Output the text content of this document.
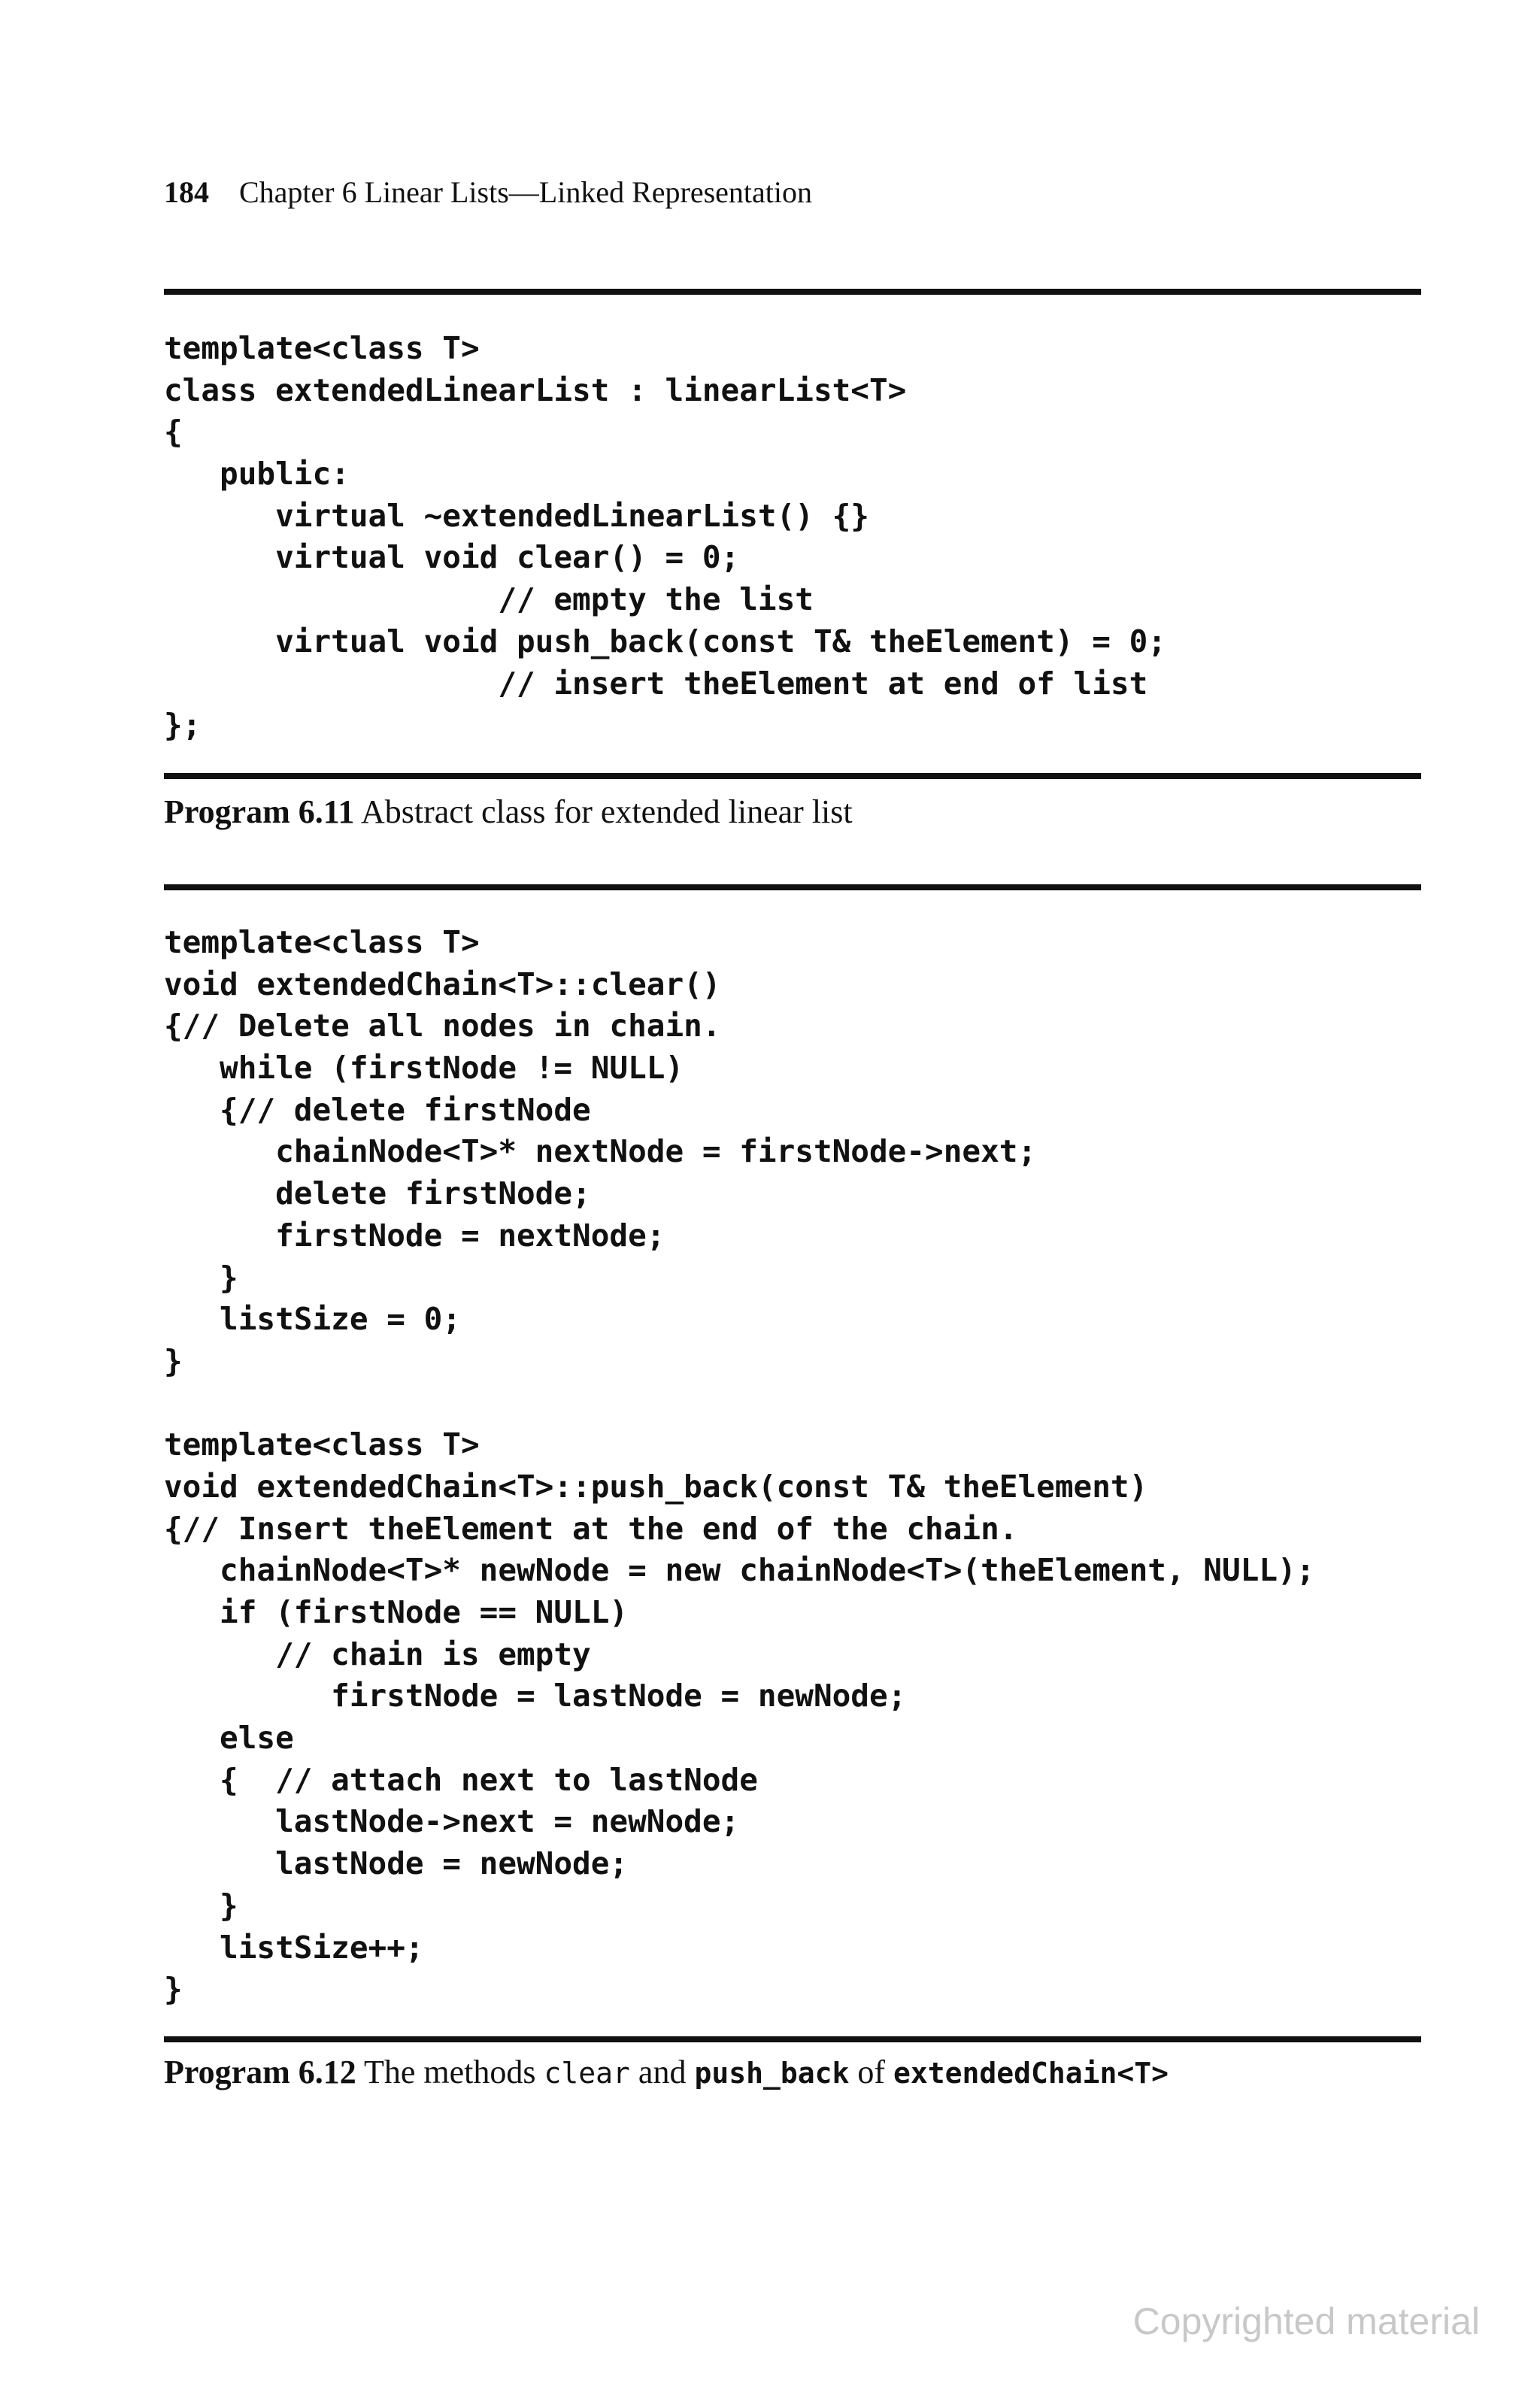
184 Chapter 6 Linear Lists—Linked Representation
template<class T>
class extendedLinearList : linearList<T>
{
public:
virtual ~extendedLinearList() {}
virtual void clear() = 0;
// empty the list
virtual void push_back(const T& theElement) = 0;
// insert theElement at end of list
};
Program 6.11 Abstract class for extended linear list
template<class T>
void extendedChain<T>::clear()
{// Delete all nodes in chain.
while (firstNode != NULL)
{// delete firstNode
chainNode<T>* nextNode = firstNode->next;
delete firstNode;
firstNode = nextNode;
}
listSize = 0;
}
template<class T>
void extendedChain<T>::push_back(const T& theElement)
{// Insert theElement at the end of the chain.
chainNode<T>* newNode = new chainNode<T>(theElement, NULL);
if (firstNode == NULL)
// chain is empty
firstNode = lastNode = newNode;
else
{  // attach next to lastNode
lastNode->next = newNode;
lastNode = newNode;
}
listSize++;
}
Program 6.12 The methods clear and push_back of extendedChain<T>
Copyrighted material
